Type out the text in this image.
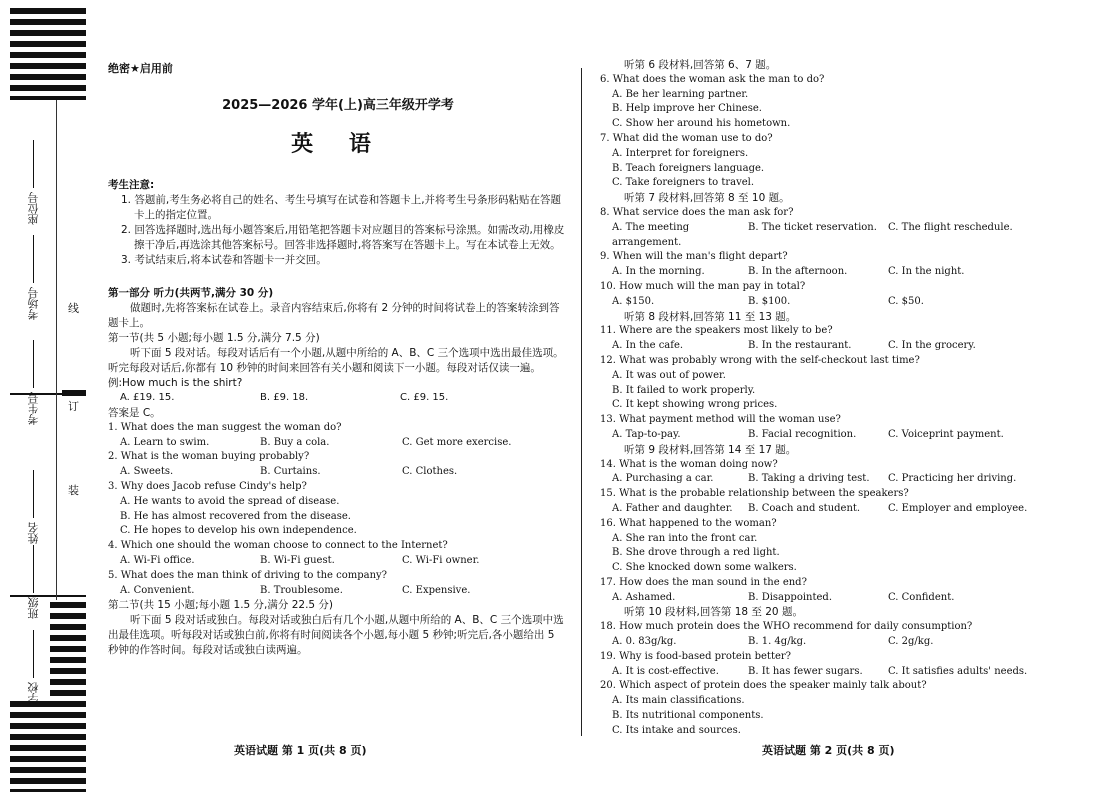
座位号
考场号
考生号
姓名
班级
学校
线
订
装
绝密★启用前
2025—2026 学年(上)高三年级开学考
英 语
考生注意:
1. 答题前,考生务必将自己的姓名、考生号填写在试卷和答题卡上,并将考生号条形码粘贴在答题卡上的指定位置。
2. 回答选择题时,选出每小题答案后,用铅笔把答题卡对应题目的答案标号涂黑。如需改动,用橡皮擦干净后,再选涂其他答案标号。回答非选择题时,将答案写在答题卡上。写在本试卷上无效。
3. 考试结束后,将本试卷和答题卡一并交回。
第一部分 听力(共两节,满分 30 分)
做题时,先将答案标在试卷上。录音内容结束后,你将有 2 分钟的时间将试卷上的答案转涂到答题卡上。
第一节(共 5 小题;每小题 1.5 分,满分 7.5 分)
听下面 5 段对话。每段对话后有一个小题,从题中所给的 A、B、C 三个选项中选出最佳选项。听完每段对话后,你都有 10 秒钟的时间来回答有关小题和阅读下一小题。每段对话仅读一遍。
例:How much is the shirt?
A. £19. 15.	B. £9. 18.	C. £9. 15.
答案是 C。
1. What does the man suggest the woman do?
A. Learn to swim.	B. Buy a cola.	C. Get more exercise.
2. What is the woman buying probably?
A. Sweets.	B. Curtains.	C. Clothes.
3. Why does Jacob refuse Cindy's help?
A. He wants to avoid the spread of disease.
B. He has almost recovered from the disease.
C. He hopes to develop his own independence.
4. Which one should the woman choose to connect to the Internet?
A. Wi-Fi office.	B. Wi-Fi guest.	C. Wi-Fi owner.
5. What does the man think of driving to the company?
A. Convenient.	B. Troublesome.	C. Expensive.
第二节(共 15 小题;每小题 1.5 分,满分 22.5 分)
听下面 5 段对话或独白。每段对话或独白后有几个小题,从题中所给的 A、B、C 三个选项中选出最佳选项。听每段对话或独白前,你将有时间阅读各个小题,每小题 5 秒钟;听完后,各小题给出 5 秒钟的作答时间。每段对话或独白读两遍。
听第 6 段材料,回答第 6、7 题。
6. What does the woman ask the man to do?
A. Be her learning partner.
B. Help improve her Chinese.
C. Show her around his hometown.
7. What did the woman use to do?
A. Interpret for foreigners.
B. Teach foreigners language.
C. Take foreigners to travel.
听第 7 段材料,回答第 8 至 10 题。
8. What service does the man ask for?
A. The meeting arrangement.
B. The ticket reservation.	C. The flight reschedule.
9. When will the man's flight depart?
A. In the morning.	B. In the afternoon.	C. In the night.
10. How much will the man pay in total?
A. $150.	B. $100.	C. $50.
听第 8 段材料,回答第 11 至 13 题。
11. Where are the speakers most likely to be?
A. In the cafe.	B. In the restaurant.	C. In the grocery.
12. What was probably wrong with the self-checkout last time?
A. It was out of power.
B. It failed to work properly.
C. It kept showing wrong prices.
13. What payment method will the woman use?
A. Tap-to-pay.	B. Facial recognition.	C. Voiceprint payment.
听第 9 段材料,回答第 14 至 17 题。
14. What is the woman doing now?
A. Purchasing a car.	B. Taking a driving test.	C. Practicing her driving.
15. What is the probable relationship between the speakers?
A. Father and daughter.	B. Coach and student.	C. Employer and employee.
16. What happened to the woman?
A. She ran into the front car.
B. She drove through a red light.
C. She knocked down some walkers.
17. How does the man sound in the end?
A. Ashamed.	B. Disappointed.	C. Confident.
听第 10 段材料,回答第 18 至 20 题。
18. How much protein does the WHO recommend for daily consumption?
A. 0. 83g/kg.	B. 1. 4g/kg.	C. 2g/kg.
19. Why is food-based protein better?
A. It is cost-effective.	B. It has fewer sugars.	C. It satisfies adults' needs.
20. Which aspect of protein does the speaker mainly talk about?
A. Its main classifications.
B. Its nutritional components.
C. Its intake and sources.
英语试题 第 1 页(共 8 页)	英语试题 第 2 页(共 8 页)
